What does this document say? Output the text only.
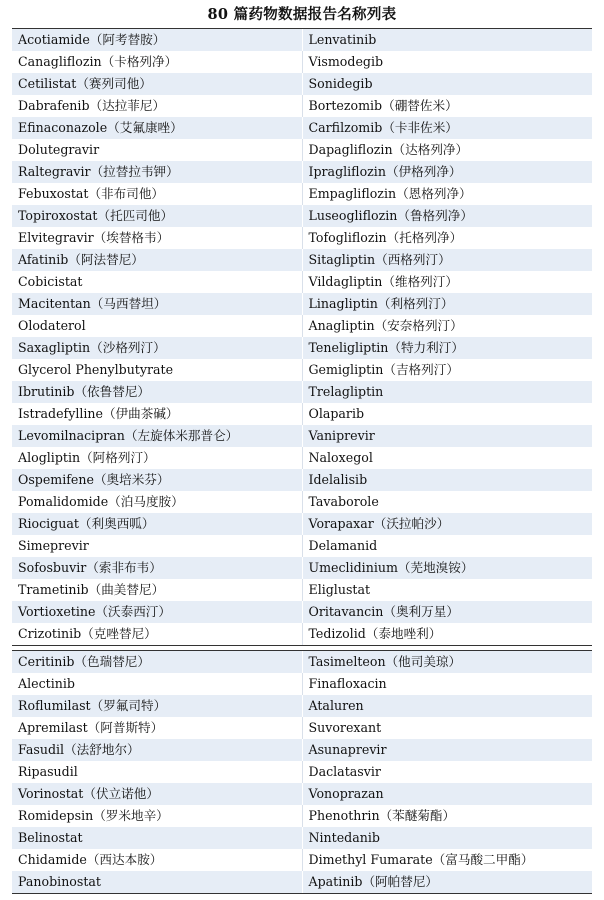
80 篇药物数据报告名称列表
Acotiamide（阿考替胺）	Lenvatinib
Canagliflozin（卡格列净）	Vismodegib
Cetilistat（赛列司他）	Sonidegib
Dabrafenib（达拉菲尼）	Bortezomib（硼替佐米）
Efinaconazole（艾氟康唑）	Carfilzomib（卡非佐米）
Dolutegravir	Dapagliflozin（达格列净）
Raltegravir（拉替拉韦钾）	Ipragliflozin（伊格列净）
Febuxostat（非布司他）	Empagliflozin（恩格列净）
Topiroxostat（托匹司他）	Luseogliflozin（鲁格列净）
Elvitegravir（埃替格韦）	Tofogliflozin（托格列净）
Afatinib（阿法替尼）	Sitagliptin（西格列汀）
Cobicistat	Vildagliptin（维格列汀）
Macitentan（马西替坦）	Linagliptin（利格列汀）
Olodaterol	Anagliptin（安奈格列汀）
Saxagliptin（沙格列汀）	Teneligliptin（特力利汀）
Glycerol Phenylbutyrate	Gemigliptin（吉格列汀）
Ibrutinib（依鲁替尼）	Trelagliptin
Istradefylline（伊曲茶碱）	Olaparib
Levomilnacipran（左旋体米那普仑）	Vaniprevir
Alogliptin（阿格列汀）	Naloxegol
Ospemifene（奥培米芬）	Idelalisib
Pomalidomide（泊马度胺）	Tavaborole
Riociguat（利奥西呱）	Vorapaxar（沃拉帕沙）
Simeprevir	Delamanid
Sofosbuvir（索非布韦）	Umeclidinium（芜地溴铵）
Trametinib（曲美替尼）	Eliglustat
Vortioxetine（沃泰西汀）	Oritavancin（奥利万星）
Crizotinib（克唑替尼）	Tedizolid（泰地唑利）
Ceritinib（色瑞替尼）	Tasimelteon（他司美琼）
Alectinib	Finafloxacin
Roflumilast（罗氟司特）	Ataluren
Apremilast（阿普斯特）	Suvorexant
Fasudil（法舒地尔）	Asunaprevir
Ripasudil	Daclatasvir
Vorinostat（伏立诺他）	Vonoprazan
Romidepsin（罗米地辛）	Phenothrin（苯醚菊酯）
Belinostat	Nintedanib
Chidamide（西达本胺）	Dimethyl Fumarate（富马酸二甲酯）
Panobinostat	Apatinib（阿帕替尼）
